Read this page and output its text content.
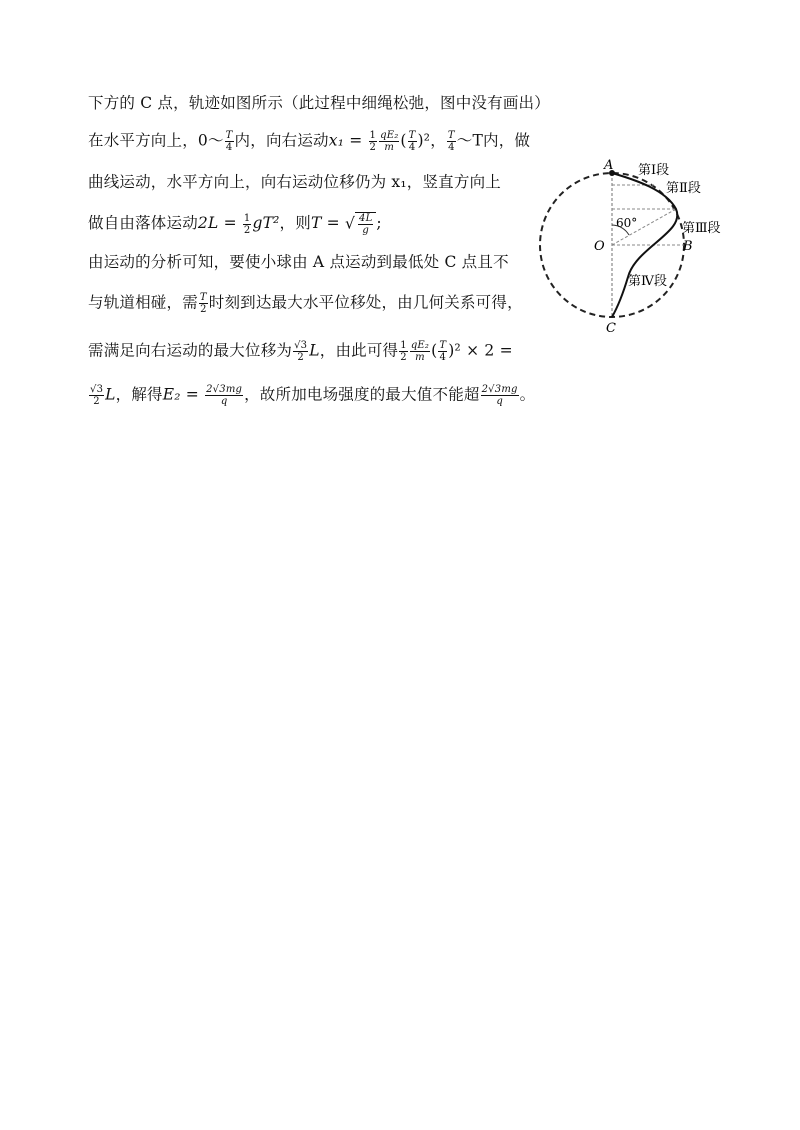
下方的 C 点，轨迹如图所示（此过程中细绳松弛，图中没有画出）
在水平方向上，0～ $\frac{T}{4}$ 内，向右运动$x_1 = \frac{1}{2} \frac{\text{qE₂}}{m}$ ( $\frac{T}{4} )^2$， $\frac{T}{4}$ ～T内，做
曲线运动，水平方向上，向右运动位移仍为 x₁，竖直方向上
做自由落体运动$2L = \frac{1}{2} gT^2$，则T = √ $\frac{4L}{g}$ ;
由运动的分析可知，要使小球由 A 点运动到最低处 C 点且不
与轨道相碰，需 $\frac{T}{2}$ 时刻到达最大水平位移处，由几何关系可得，
需满足向右运动的最大位移为 $\frac{√3}{2}$ L，由此可得 $\frac{1}{2} \frac{\text{qE₂}}{m}$ ( $\frac{T}{4} )^2 \times 2$ =
$\frac{√3}{2}$ L，解得$E_2 = \frac{2√3mg}{q}$ ，故所加电场强度的最大值不能超 $\frac{2√3mg}{q}$ 。
A
B
C
O
60°
第Ⅰ段
第Ⅱ段
第Ⅲ段
第Ⅳ段
